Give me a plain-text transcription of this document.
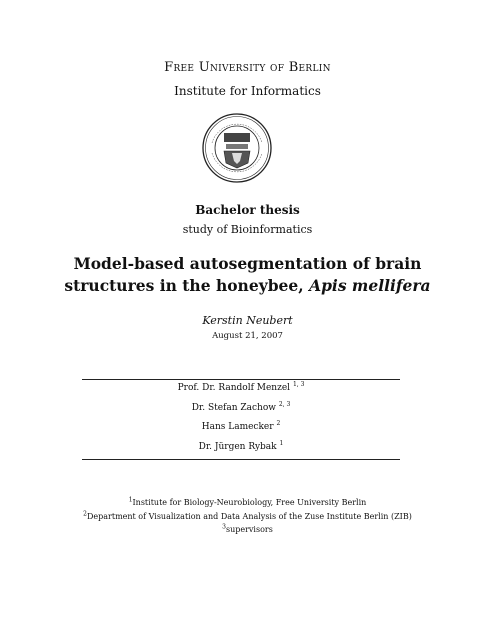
Free University of Berlin
Institute for Informatics
Bachelor thesis
study of Bioinformatics
Model-based autosegmentation of brain
structures in the honeybee, Apis mellifera
Kerstin Neubert
August 21, 2007
Prof. Dr. Randolf Menzel $^{1, 3}$
Dr. Stefan Zachow $^{2, 3}$
Hans Lamecker $^2$
Dr. Jürgen Rybak $^1$
$^1$Institute for Biology-Neurobiology, Free University Berlin
$^2$Department of Visualization and Data Analysis of the Zuse Institute Berlin (ZIB)
$^3$supervisors
